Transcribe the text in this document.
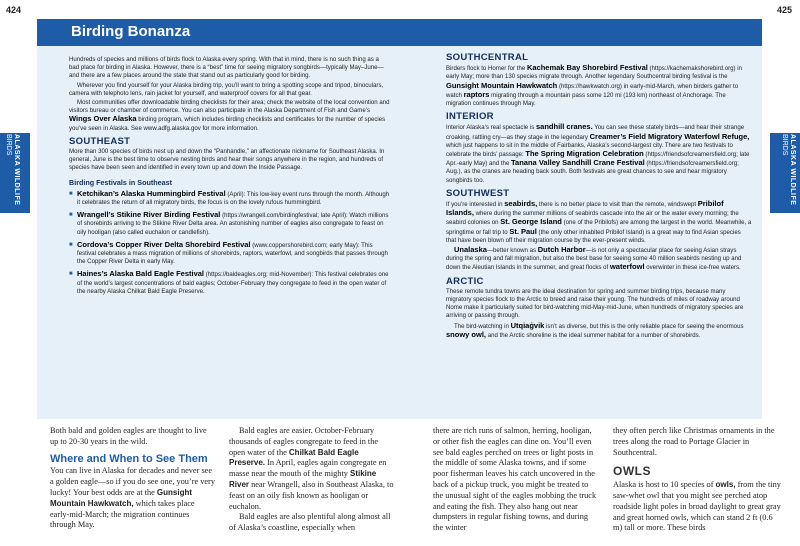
424	425
ALASKA WILDLIFE
BIRDS	ALASKA WILDLIFE
BIRDS
Birding Bonanza

Hundreds of species and millions of birds flock to Alaska every spring. With that in mind, there is no such thing as a bad place for birding in Alaska. However, there is a “best” time for seeing migratory songbirds—typically May–June—and there are a few places around the state that stand out as particularly good for birding.

Wherever you find yourself for your Alaska birding trip, you’ll want to bring a spotting scope and tripod, binoculars, camera with telephoto lens, rain jacket for yourself, and waterproof covers for all that gear.

Most communities offer downloadable birding checklists for their area; check the website of the local convention and visitors bureau or chamber of commerce. You can also participate in the Alaska Department of Fish and Game’s Wings Over Alaska birding program, which includes birding checklists and certificates for the number of species you’ve seen in Alaska. See www.adfg.alaska.gov for more information.

SOUTHEAST

More than 300 species of birds nest up and down the “Panhandle,” an affectionate nickname for Southeast Alaska. In general, June is the best time to observe nesting birds and hear their songs anywhere in the region, and hundreds of species have been seen and identified in every town up and down the Inside Passage.

Birding Festivals in Southeast
■ Ketchikan’s Alaska Hummingbird Festival (April): This low-key event runs through the month. Although it celebrates the return of all migratory birds, the focus is on the lovely rufous hummingbird.
■ Wrangell’s Stikine River Birding Festival (https://wrangell.com/birdingfestival; late April): Watch millions of shorebirds arriving to the Stikine River Delta area. An astonishing number of eagles also congregate to feast on oily hooligan (also called euchalon or candlefish).
■ Cordova’s Copper River Delta Shorebird Festival (www.coppershorebird.com; early May): This festival celebrates a mass migration of millions of shorebirds, raptors, waterfowl, and songbirds that passes through the Copper River Delta in early May.
■ Haines’s Alaska Bald Eagle Festival (https://baldeagles.org; mid-November): This festival celebrates one of the world’s largest concentrations of bald eagles; October-February they congregate to feed in the open water of the nearby Alaska Chilkat Bald Eagle Preserve.
SOUTHCENTRAL

Birders flock to Homer for the Kachemak Bay Shorebird Festival (https://kachemakshorebird.org) in early May; more than 130 species migrate through. Another legendary Southcentral birding festival is the Gunsight Mountain Hawkwatch (https://hawkwatch.org) in early-mid-March, when birders gather to watch raptors migrating through a mountain pass some 120 mi (193 km) northeast of Anchorage. The migration continues through May.

INTERIOR

Interior Alaska’s real spectacle is sandhill cranes. You can see these stately birds—and hear their strange croaking, rattling cry—as they stage in the legendary Creamer’s Field Migratory Waterfowl Refuge, which just happens to sit in the middle of Fairbanks, Alaska’s second-largest city. There are two festivals to celebrate the birds’ passage: The Spring Migration Celebration (https://friendsofcreamersfield.org; late Apr.-early May) and the Tanana Valley Sandhill Crane Festival (https://friendsofcreamersfield.org; Aug.), as the cranes are heading back south. Both festivals are great chances to see and hear migratory songbirds too.

SOUTHWEST

If you’re interested in seabirds, there is no better place to visit than the remote, windswept Pribilof Islands, where during the summer millions of seabirds cascade into the air or the water every morning; the seabird colonies on St. George Island (one of the Pribilofs) are among the largest in the world. Meanwhile, a springtime or fall trip to St. Paul (the only other inhabited Pribilof Island) is a great way to find Asian species that have been blown off their migration course by the ever-present winds.

Unalaska—better known as Dutch Harbor—is not only a spectacular place for seeing Asian strays during the spring and fall migration, but also the best base for seeing some 40 million seabirds nesting up and down the Aleutian Islands in the summer, and great flocks of waterfowl overwinter in these ice-free waters.

ARCTIC

These remote tundra towns are the ideal destination for spring and summer birding trips, because many migratory species flock to the Arctic to breed and raise their young. The hundreds of miles of roadway around Nome make it particularly suited for bird-watching mid-May-mid-June, when hundreds of migratory species are arriving or passing through.

The bird-watching in Utqiaġvik isn’t as diverse, but this is the only reliable place for seeing the enormous snowy owl, and the Arctic shoreline is the ideal summer habitat for a number of shorebirds.

Both bald and golden eagles are thought to live up to 20-30 years in the wild.

Where and When to See Them

You can live in Alaska for decades and never see a golden eagle—so if you do see one, you’re very lucky! Your best odds are at the Gunsight Mountain Hawkwatch, which takes place early-mid-March; the migration continues through May.

Bald eagles are easier. October-February thousands of eagles congregate to feed in the open water of the Chilkat Bald Eagle Preserve. In April, eagles again congregate en masse near the mouth of the mighty Stikine River near Wrangell, also in Southeast Alaska, to feast on an oily fish known as hooligan or euchalon.

Bald eagles are also plentiful along almost all of Alaska’s coastline, especially when

there are rich runs of salmon, herring, hooligan, or other fish the eagles can dine on. You’ll even see bald eagles perched on trees or light posts in the middle of some Alaska towns, and if some poor fisherman leaves his catch uncovered in the back of a pickup truck, you might be treated to the unusual sight of the eagles mobbing the truck and eating the fish. They also hang out near dumpsters in regular fishing towns, and during the winter

they often perch like Christmas ornaments in the trees along the road to Portage Glacier in Southcentral.

OWLS

Alaska is host to 10 species of owls, from the tiny saw-whet owl that you might see perched atop roadside light poles in broad daylight to great gray and great horned owls, which can stand 2 ft (0.6 m) tall or more. These birds
